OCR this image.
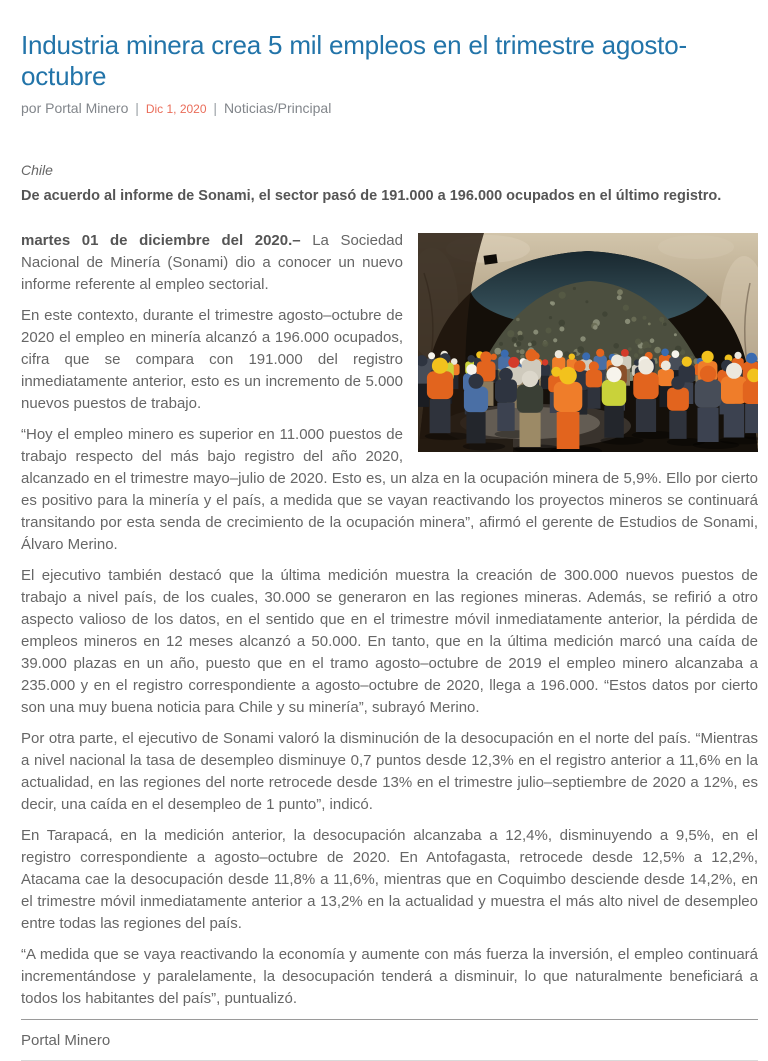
Industria minera crea 5 mil empleos en el trimestre agosto-octubre
por Portal Minero | Dic 1, 2020 | Noticias/Principal

Chile

De acuerdo al informe de Sonami, el sector pasó de 191.000 a 196.000 ocupados en el último registro.

martes 01 de diciembre del 2020.– La Sociedad Nacional de Minería (Sonami) dio a conocer un nuevo informe referente al empleo sectorial.

En este contexto, durante el trimestre agosto–octubre de 2020 el empleo en minería alcanzó a 196.000 ocupados, cifra que se compara con 191.000 del registro inmediatamente anterior, esto es un incremento de 5.000 nuevos puestos de trabajo.

“Hoy el empleo minero es superior en 11.000 puestos de trabajo respecto del más bajo registro del año 2020, alcanzado en el trimestre mayo–julio de 2020. Esto es, un alza en la ocupación minera de 5,9%. Ello por cierto es positivo para la minería y el país, a medida que se vayan reactivando los proyectos mineros se continuará transitando por esta senda de crecimiento de la ocupación minera”, afirmó el gerente de Estudios de Sonami, Álvaro Merino.

El ejecutivo también destacó que la última medición muestra la creación de 300.000 nuevos puestos de trabajo a nivel país, de los cuales, 30.000 se generaron en las regiones mineras. Además, se refirió a otro aspecto valioso de los datos, en el sentido que en el trimestre móvil inmediatamente anterior, la pérdida de empleos mineros en 12 meses alcanzó a 50.000. En tanto, que en la última medición marcó una caída de 39.000 plazas en un año, puesto que en el tramo agosto–octubre de 2019 el empleo minero alcanzaba a 235.000 y en el registro correspondiente a agosto–octubre de 2020, llega a 196.000. “Estos datos por cierto son una muy buena noticia para Chile y su minería”, subrayó Merino.

Por otra parte, el ejecutivo de Sonami valoró la disminución de la desocupación en el norte del país. “Mientras a nivel nacional la tasa de desempleo disminuye 0,7 puntos desde 12,3% en el registro anterior a 11,6% en la actualidad, en las regiones del norte retrocede desde 13% en el trimestre julio–septiembre de 2020 a 12%, es decir, una caída en el desempleo de 1 punto”, indicó.

En Tarapacá, en la medición anterior, la desocupación alcanzaba a 12,4%, disminuyendo a 9,5%, en el registro correspondiente a agosto–octubre de 2020. En Antofagasta, retrocede desde 12,5% a 12,2%, Atacama cae la desocupación desde 11,8% a 11,6%, mientras que en Coquimbo desciende desde 14,2%, en el trimestre móvil inmediatamente anterior a 13,2% en la actualidad y muestra el más alto nivel de desempleo entre todas las regiones del país.

“A medida que se vaya reactivando la economía y aumente con más fuerza la inversión, el empleo continuará incrementándose y paralelamente, la desocupación tenderá a disminuir, lo que naturalmente beneficiará a todos los habitantes del país”, puntualizó.

Portal Minero
